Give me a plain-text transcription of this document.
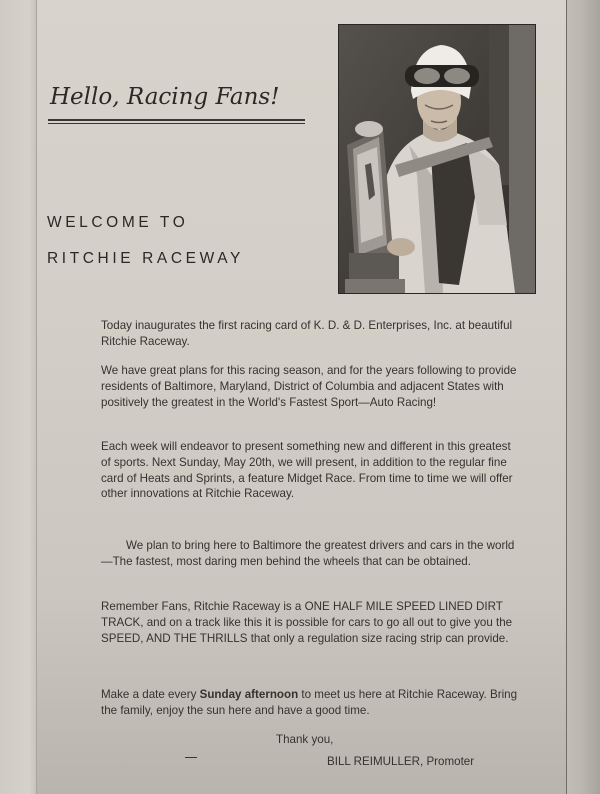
Hello, Racing Fans!
WELCOME TO
RITCHIE RACEWAY

Today inaugurates the first racing card of K. D. & D. Enterprises, Inc. at beautiful Ritchie Raceway.

We have great plans for this racing season, and for the years following to provide residents of Baltimore, Maryland, District of Columbia and adjacent States with positively the greatest in the World's Fastest Sport—Auto Racing!

Each week will endeavor to present something new and different in this greatest of sports. Next Sunday, May 20th, we will present, in addition to the regular fine card of Heats and Sprints, a feature Midget Race. From time to time we will offer other innovations at Ritchie Raceway.

We plan to bring here to Baltimore the greatest drivers and cars in the world—The fastest, most daring men behind the wheels that can be obtained.

Remember Fans, Ritchie Raceway is a ONE HALF MILE SPEED LINED DIRT TRACK, and on a track like this it is possible for cars to go all out to give you the SPEED, AND THE THRILLS that only a regulation size racing strip can provide.

Make a date every Sunday afternoon to meet us here at Ritchie Raceway. Bring the family, enjoy the sun here and have a good time.

Thank you,
BILL REIMULLER, Promoter
